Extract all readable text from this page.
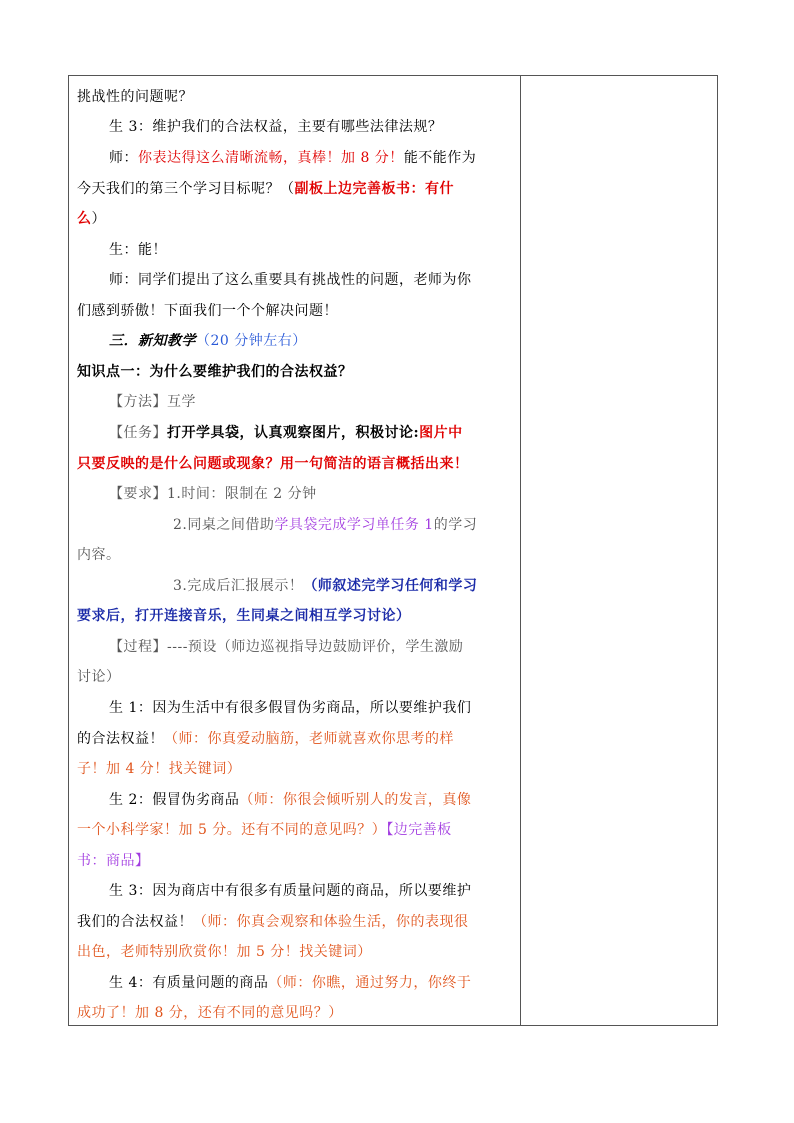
挑战性的问题呢？
生 3：维护我们的合法权益，主要有哪些法律法规？
师：你表达得这么清晰流畅，真棒！加 8 分！能不能作为
今天我们的第三个学习目标呢？（副板上边完善板书：有什
么）
生：能！
师：同学们提出了这么重要具有挑战性的问题，老师为你
们感到骄傲！下面我们一个个解决问题！
三．新知教学（20 分钟左右）
知识点一：为什么要维护我们的合法权益？
【方法】互学
【任务】打开学具袋，认真观察图片，积极讨论:图片中
只要反映的是什么问题或现象？用一句简洁的语言概括出来！
【要求】1.时间：限制在 2 分钟
2.同桌之间借助学具袋完成学习单任务 1的学习
内容。
3.完成后汇报展示！（师叙述完学习任何和学习
要求后，打开连接音乐，生同桌之间相互学习讨论）
【过程】----预设（师边巡视指导边鼓励评价，学生激励
讨论）
生 1：因为生活中有很多假冒伪劣商品，所以要维护我们
的合法权益！（师：你真爱动脑筋，老师就喜欢你思考的样
子！加 4 分！找关键词）
生 2：假冒伪劣商品（师：你很会倾听别人的发言，真像
一个小科学家！加 5 分。还有不同的意见吗？）【边完善板
书：商品】
生 3：因为商店中有很多有质量问题的商品，所以要维护
我们的合法权益！（师：你真会观察和体验生活，你的表现很
出色，老师特别欣赏你！加 5 分！找关键词）
生 4：有质量问题的商品（师：你瞧，通过努力，你终于
成功了！加 8 分，还有不同的意见吗？）
